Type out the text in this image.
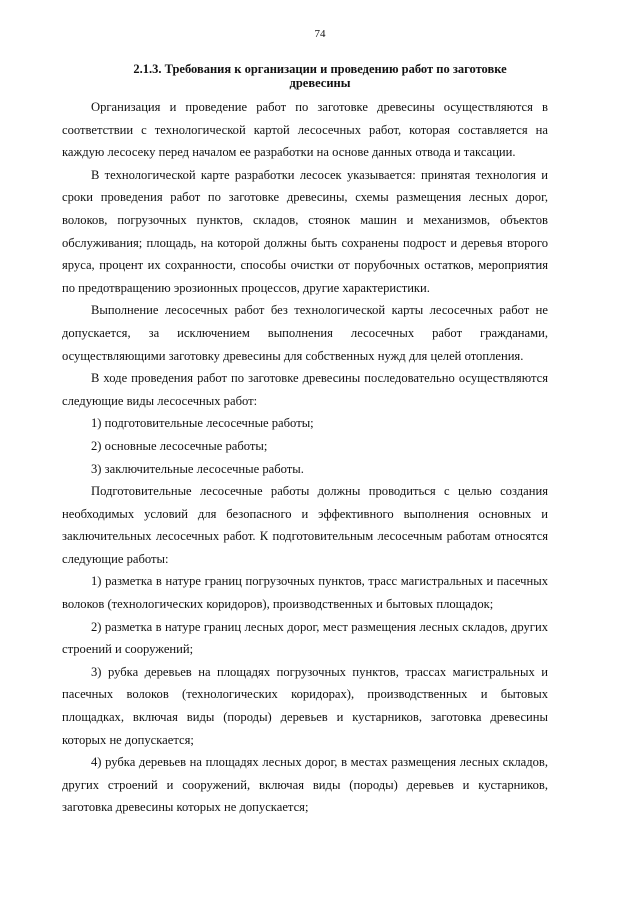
74
2.1.3. Требования к организации и проведению работ по заготовке
древесины

Организация и проведение работ по заготовке древесины осуществляются в соответствии с технологической картой лесосечных работ, которая составляется на каждую лесосеку перед началом ее разработки на основе данных отвода и таксации.

В технологической карте разработки лесосек указывается: принятая технология и сроки проведения работ по заготовке древесины, схемы размещения лесных дорог, волоков, погрузочных пунктов, складов, стоянок машин и механизмов, объектов обслуживания; площадь, на которой должны быть сохранены подрост и деревья второго яруса, процент их сохранности, способы очистки от порубочных остатков, мероприятия по предотвращению эрозионных процессов, другие характеристики.

Выполнение лесосечных работ без технологической карты лесосечных работ не допускается, за исключением выполнения лесосечных работ гражданами, осуществляющими заготовку древесины для собственных нужд для целей отопления.

В ходе проведения работ по заготовке древесины последовательно осуществляются следующие виды лесосечных работ:

1) подготовительные лесосечные работы;

2) основные лесосечные работы;

3) заключительные лесосечные работы.

Подготовительные лесосечные работы должны проводиться с целью создания необходимых условий для безопасного и эффективного выполнения основных и заключительных лесосечных работ. К подготовительным лесосечным работам относятся следующие работы:

1) разметка в натуре границ погрузочных пунктов, трасс магистральных и пасечных волоков (технологических коридоров), производственных и бытовых площадок;

2) разметка в натуре границ лесных дорог, мест размещения лесных складов, других строений и сооружений;

3) рубка деревьев на площадях погрузочных пунктов, трассах магистральных и пасечных волоков (технологических коридорах), производственных и бытовых площадках, включая виды (породы) деревьев и кустарников, заготовка древесины которых не допускается;

4) рубка деревьев на площадях лесных дорог, в местах размещения лесных складов, других строений и сооружений, включая виды (породы) деревьев и кустарников, заготовка древесины которых не допускается;
